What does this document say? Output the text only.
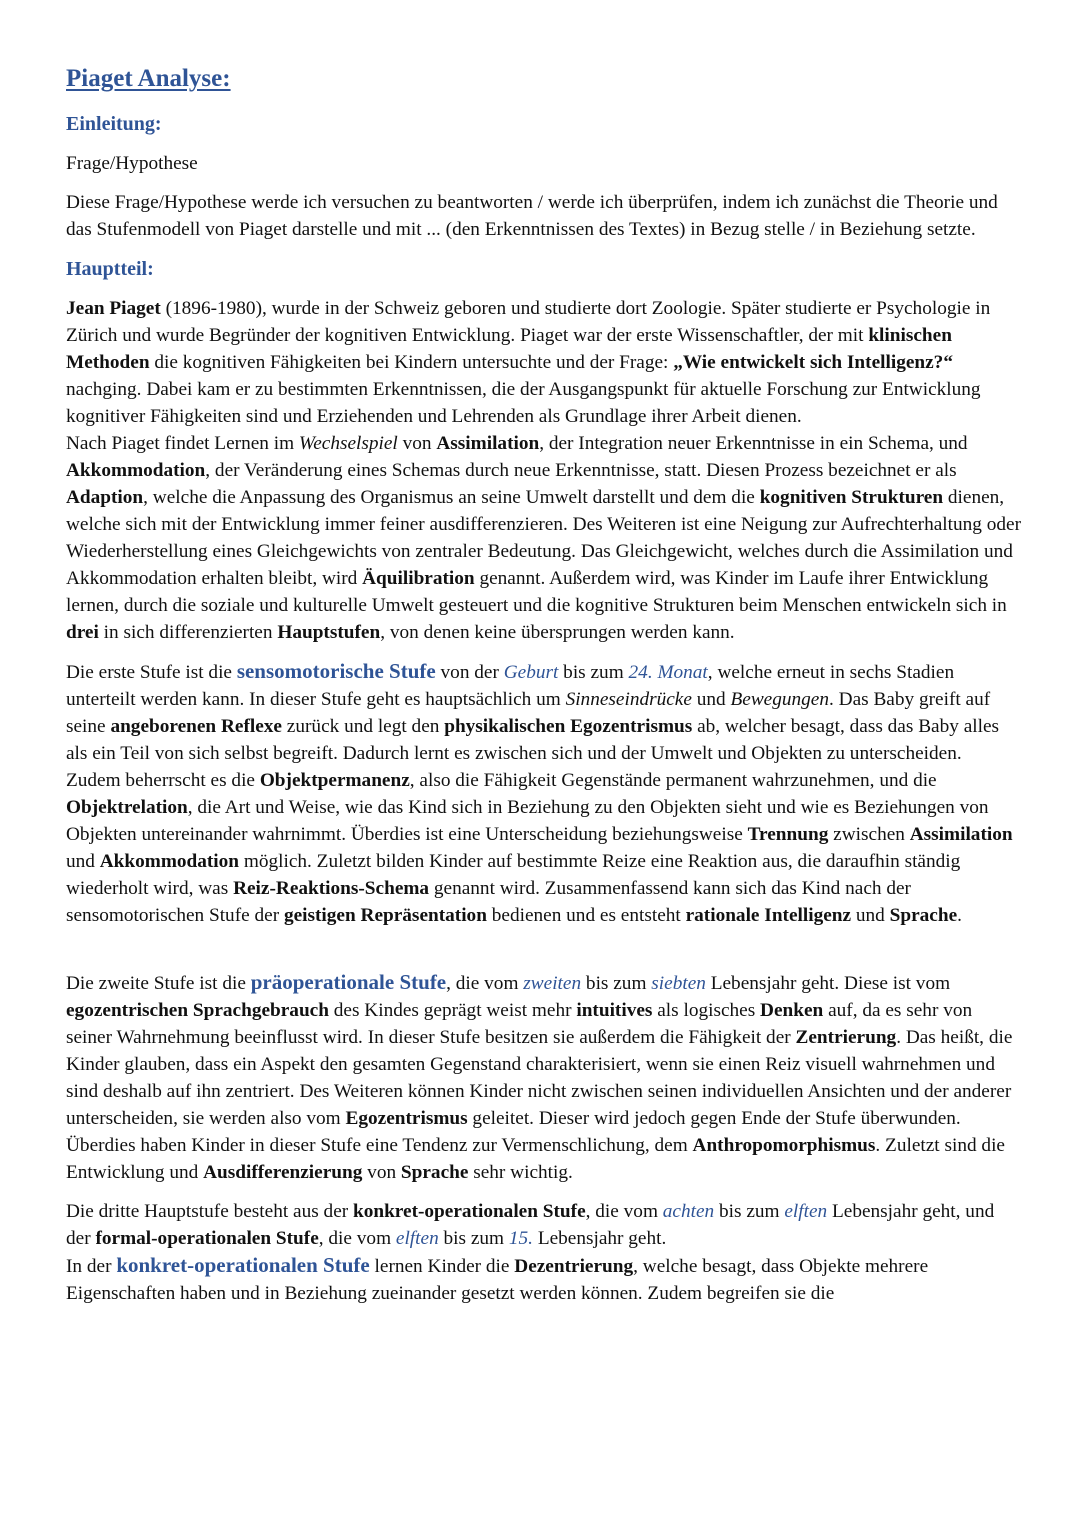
Piaget Analyse:
Einleitung:

Frage/Hypothese

Diese Frage/Hypothese werde ich versuchen zu beantworten / werde ich überprüfen, indem ich zunächst die Theorie und das Stufenmodell von Piaget darstelle und mit ... (den Erkenntnissen des Textes) in Bezug stelle / in Beziehung setzte.

Hauptteil:

Jean Piaget (1896-1980), wurde in der Schweiz geboren und studierte dort Zoologie. Später studierte er Psychologie in Zürich und wurde Begründer der kognitiven Entwicklung. Piaget war der erste Wissenschaftler, der mit klinischen Methoden die kognitiven Fähigkeiten bei Kindern untersuchte und der Frage: „Wie entwickelt sich Intelligenz?“ nachging. Dabei kam er zu bestimmten Erkenntnissen, die der Ausgangspunkt für aktuelle Forschung zur Entwicklung kognitiver Fähigkeiten sind und Erziehenden und Lehrenden als Grundlage ihrer Arbeit dienen.

Nach Piaget findet Lernen im Wechselspiel von Assimilation, der Integration neuer Erkenntnisse in ein Schema, und Akkommodation, der Veränderung eines Schemas durch neue Erkenntnisse, statt. Diesen Prozess bezeichnet er als Adaption, welche die Anpassung des Organismus an seine Umwelt darstellt und dem die kognitiven Strukturen dienen, welche sich mit der Entwicklung immer feiner ausdifferenzieren. Des Weiteren ist eine Neigung zur Aufrechterhaltung oder Wiederherstellung eines Gleichgewichts von zentraler Bedeutung. Das Gleichgewicht, welches durch die Assimilation und Akkommodation erhalten bleibt, wird Äquilibration genannt. Außerdem wird, was Kinder im Laufe ihrer Entwicklung lernen, durch die soziale und kulturelle Umwelt gesteuert und die kognitive Strukturen beim Menschen entwickeln sich in drei in sich differenzierten Hauptstufen, von denen keine übersprungen werden kann.

Die erste Stufe ist die sensomotorische Stufe von der Geburt bis zum 24. Monat, welche erneut in sechs Stadien unterteilt werden kann. In dieser Stufe geht es hauptsächlich um Sinneseindrücke und Bewegungen. Das Baby greift auf seine angeborenen Reflexe zurück und legt den physikalischen Egozentrismus ab, welcher besagt, dass das Baby alles als ein Teil von sich selbst begreift. Dadurch lernt es zwischen sich und der Umwelt und Objekten zu unterscheiden. Zudem beherrscht es die Objektpermanenz, also die Fähigkeit Gegenstände permanent wahrzunehmen, und die Objektrelation, die Art und Weise, wie das Kind sich in Beziehung zu den Objekten sieht und wie es Beziehungen von Objekten untereinander wahrnimmt. Überdies ist eine Unterscheidung beziehungsweise Trennung zwischen Assimilation und Akkommodation möglich. Zuletzt bilden Kinder auf bestimmte Reize eine Reaktion aus, die daraufhin ständig wiederholt wird, was Reiz-Reaktions-Schema genannt wird. Zusammenfassend kann sich das Kind nach der sensomotorischen Stufe der geistigen Repräsentation bedienen und es entsteht rationale Intelligenz und Sprache.

Die zweite Stufe ist die präoperationale Stufe, die vom zweiten bis zum siebten Lebensjahr geht. Diese ist vom egozentrischen Sprachgebrauch des Kindes geprägt weist mehr intuitives als logisches Denken auf, da es sehr von seiner Wahrnehmung beeinflusst wird. In dieser Stufe besitzen sie außerdem die Fähigkeit der Zentrierung. Das heißt, die Kinder glauben, dass ein Aspekt den gesamten Gegenstand charakterisiert, wenn sie einen Reiz visuell wahrnehmen und sind deshalb auf ihn zentriert. Des Weiteren können Kinder nicht zwischen seinen individuellen Ansichten und der anderer unterscheiden, sie werden also vom Egozentrismus geleitet. Dieser wird jedoch gegen Ende der Stufe überwunden. Überdies haben Kinder in dieser Stufe eine Tendenz zur Vermenschlichung, dem Anthropomorphismus. Zuletzt sind die Entwicklung und Ausdifferenzierung von Sprache sehr wichtig.

Die dritte Hauptstufe besteht aus der konkret-operationalen Stufe, die vom achten bis zum elften Lebensjahr geht, und der formal-operationalen Stufe, die vom elften bis zum 15. Lebensjahr geht.

In der konkret-operationalen Stufe lernen Kinder die Dezentrierung, welche besagt, dass Objekte mehrere Eigenschaften haben und in Beziehung zueinander gesetzt werden können. Zudem begreifen sie die
